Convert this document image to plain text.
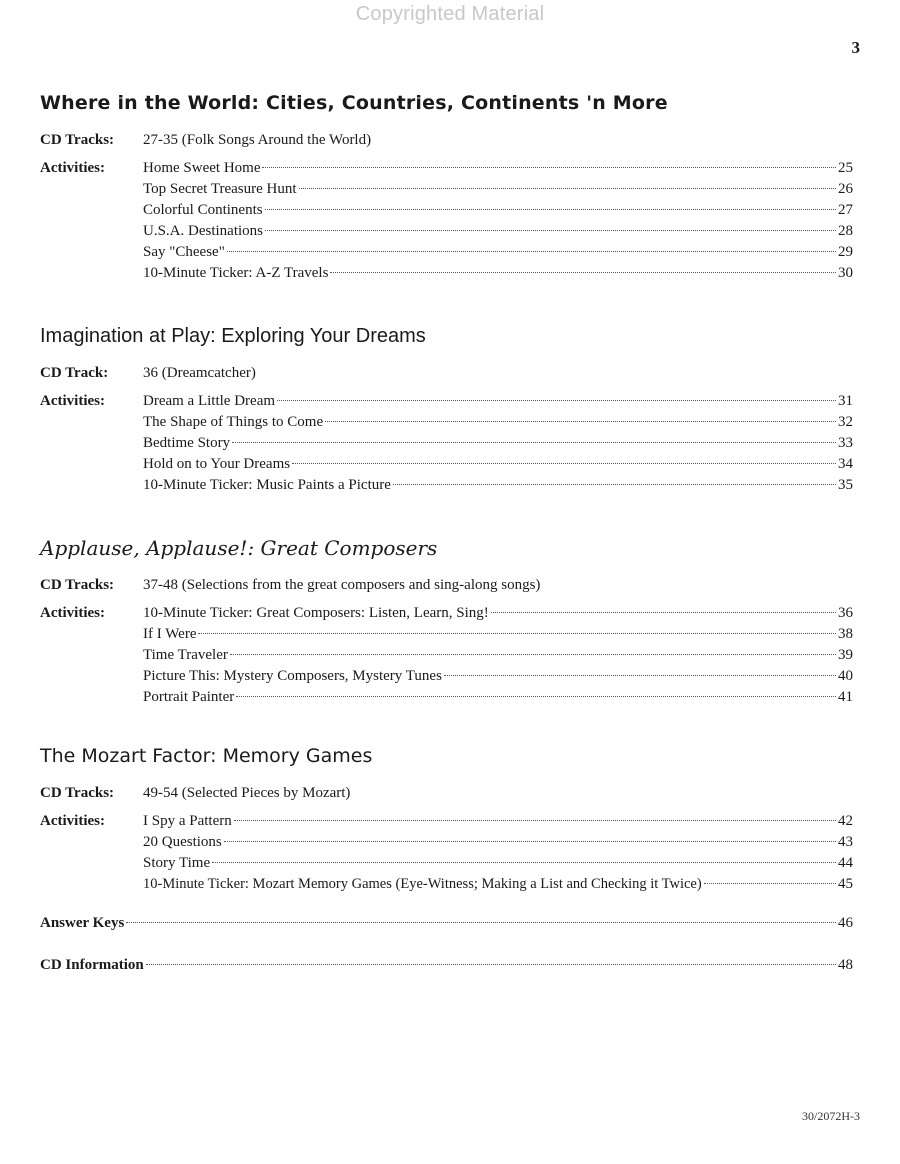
Copyrighted Material
3
Where in the World: Cities, Countries, Continents 'n More
CD Tracks:	27-35 (Folk Songs Around the World)
Activities:	Home Sweet Home	25
Top Secret Treasure Hunt	26
Colorful Continents	27
U.S.A. Destinations	28
Say "Cheese"	29
10-Minute Ticker: A-Z Travels	30
Imagination at Play: Exploring Your Dreams
CD Track:	36 (Dreamcatcher)
Activities:	Dream a Little Dream	31
The Shape of Things to Come	32
Bedtime Story	33
Hold on to Your Dreams	34
10-Minute Ticker: Music Paints a Picture	35
Applause, Applause!: Great Composers
CD Tracks:	37-48 (Selections from the great composers and sing-along songs)
Activities:	10-Minute Ticker: Great Composers: Listen, Learn, Sing!	36
If I Were	38
Time Traveler	39
Picture This: Mystery Composers, Mystery Tunes	40
Portrait Painter	41
The Mozart Factor: Memory Games
CD Tracks:	49-54 (Selected Pieces by Mozart)
Activities:	I Spy a Pattern	42
20 Questions	43
Story Time	44
10-Minute Ticker: Mozart Memory Games (Eye-Witness; Making a List and Checking it Twice)	45
Answer Keys	46
CD Information	48
30/2072H-3
